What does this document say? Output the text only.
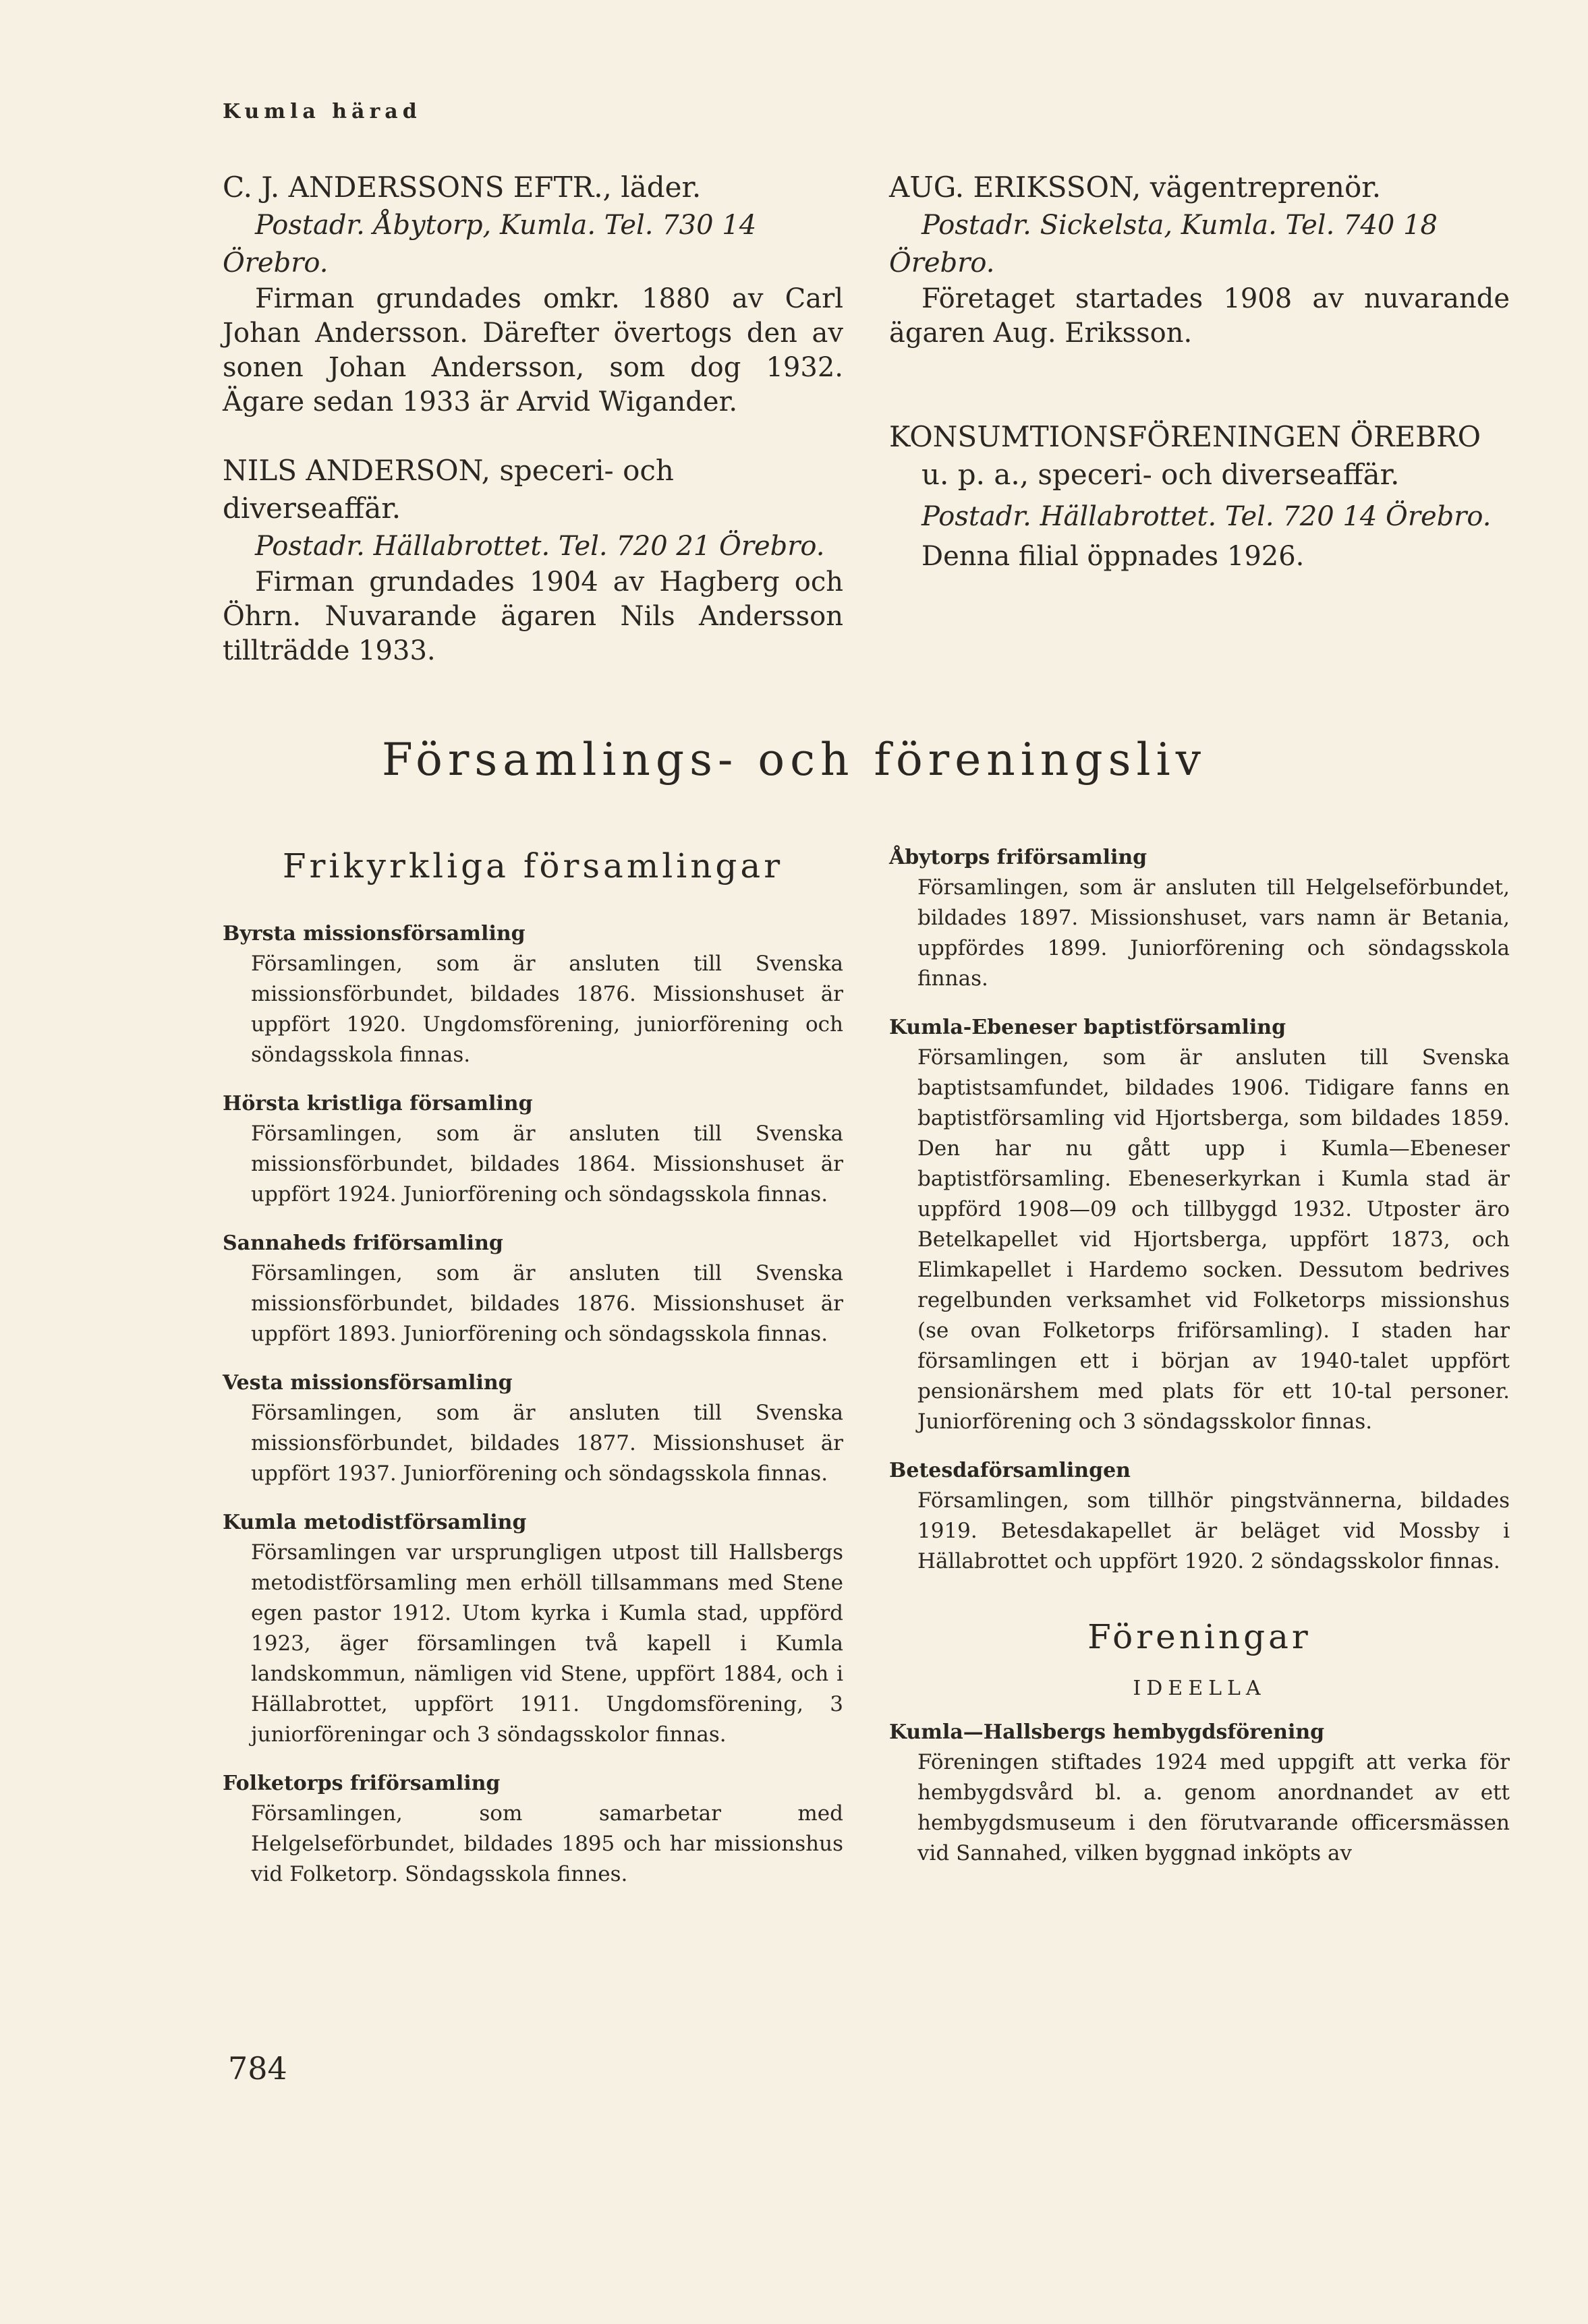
Kumla härad

C. J. ANDERSSONS EFTR., läder.

Postadr. Åbytorp, Kumla. Tel. 730 14

Örebro.

Firman grundades omkr. 1880 av Carl Johan Andersson. Därefter övertogs den av sonen Johan Andersson, som dog 1932. Ägare sedan 1933 är Arvid Wigander.

NILS ANDERSON, speceri- och diverseaffär.

Postadr. Hällabrottet. Tel. 720 21 Örebro.

Firman grundades 1904 av Hagberg och Öhrn. Nuvarande ägaren Nils Andersson tillträdde 1933.

AUG. ERIKSSON, vägentreprenör.

Postadr. Sickelsta, Kumla. Tel. 740 18

Örebro.

Företaget startades 1908 av nuvarande ägaren Aug. Eriksson.

KONSUMTIONSFÖRENINGEN ÖREBRO

u. p. a., speceri- och diverseaffär.

Postadr. Hällabrottet. Tel. 720 14 Örebro.

Denna filial öppnades 1926.

Församlings- och föreningsliv
Frikyrkliga församlingar

Byrsta missionsförsamling

Församlingen, som är ansluten till Svenska missionsförbundet, bildades 1876. Missionshuset är uppfört 1920. Ungdomsförening, juniorförening och söndagsskola finnas.

Hörsta kristliga församling

Församlingen, som är ansluten till Svenska missionsförbundet, bildades 1864. Missionshuset är uppfört 1924. Juniorförening och söndagsskola finnas.

Sannaheds friförsamling

Församlingen, som är ansluten till Svenska missionsförbundet, bildades 1876. Missionshuset är uppfört 1893. Juniorförening och söndagsskola finnas.

Vesta missionsförsamling

Församlingen, som är ansluten till Svenska missionsförbundet, bildades 1877. Missionshuset är uppfört 1937. Juniorförening och söndagsskola finnas.

Kumla metodistförsamling

Församlingen var ursprungligen utpost till Hallsbergs metodistförsamling men erhöll tillsammans med Stene egen pastor 1912. Utom kyrka i Kumla stad, uppförd 1923, äger församlingen två kapell i Kumla landskommun, nämligen vid Stene, uppfört 1884, och i Hällabrottet, uppfört 1911. Ungdomsförening, 3 juniorföreningar och 3 söndagsskolor finnas.

Folketorps friförsamling

Församlingen, som samarbetar med Helgelseförbundet, bildades 1895 och har missionshus vid Folketorp. Söndagsskola finnes.

Åbytorps friförsamling

Församlingen, som är ansluten till Helgelseförbundet, bildades 1897. Missionshuset, vars namn är Betania, uppfördes 1899. Juniorförening och söndagsskola finnas.

Kumla-Ebeneser baptistförsamling

Församlingen, som är ansluten till Svenska baptistsamfundet, bildades 1906. Tidigare fanns en baptistförsamling vid Hjortsberga, som bildades 1859. Den har nu gått upp i Kumla—Ebeneser baptistförsamling. Ebeneserkyrkan i Kumla stad är uppförd 1908—09 och tillbyggd 1932. Utposter äro Betelkapellet vid Hjortsberga, uppfört 1873, och Elimkapellet i Hardemo socken. Dessutom bedrives regelbunden verksamhet vid Folketorps missionshus (se ovan Folketorps friförsamling). I staden har församlingen ett i början av 1940-talet uppfört pensionärshem med plats för ett 10-tal personer. Juniorförening och 3 söndagsskolor finnas.

Betesdaförsamlingen

Församlingen, som tillhör pingstvännerna, bildades 1919. Betesdakapellet är beläget vid Mossby i Hällabrottet och uppfört 1920. 2 söndagsskolor finnas.

Föreningar

IDEELLA

Kumla—Hallsbergs hembygdsförening

Föreningen stiftades 1924 med uppgift att verka för hembygdsvård bl. a. genom anordnandet av ett hembygdsmuseum i den förutvarande officersmässen vid Sannahed, vilken byggnad inköpts av

784
